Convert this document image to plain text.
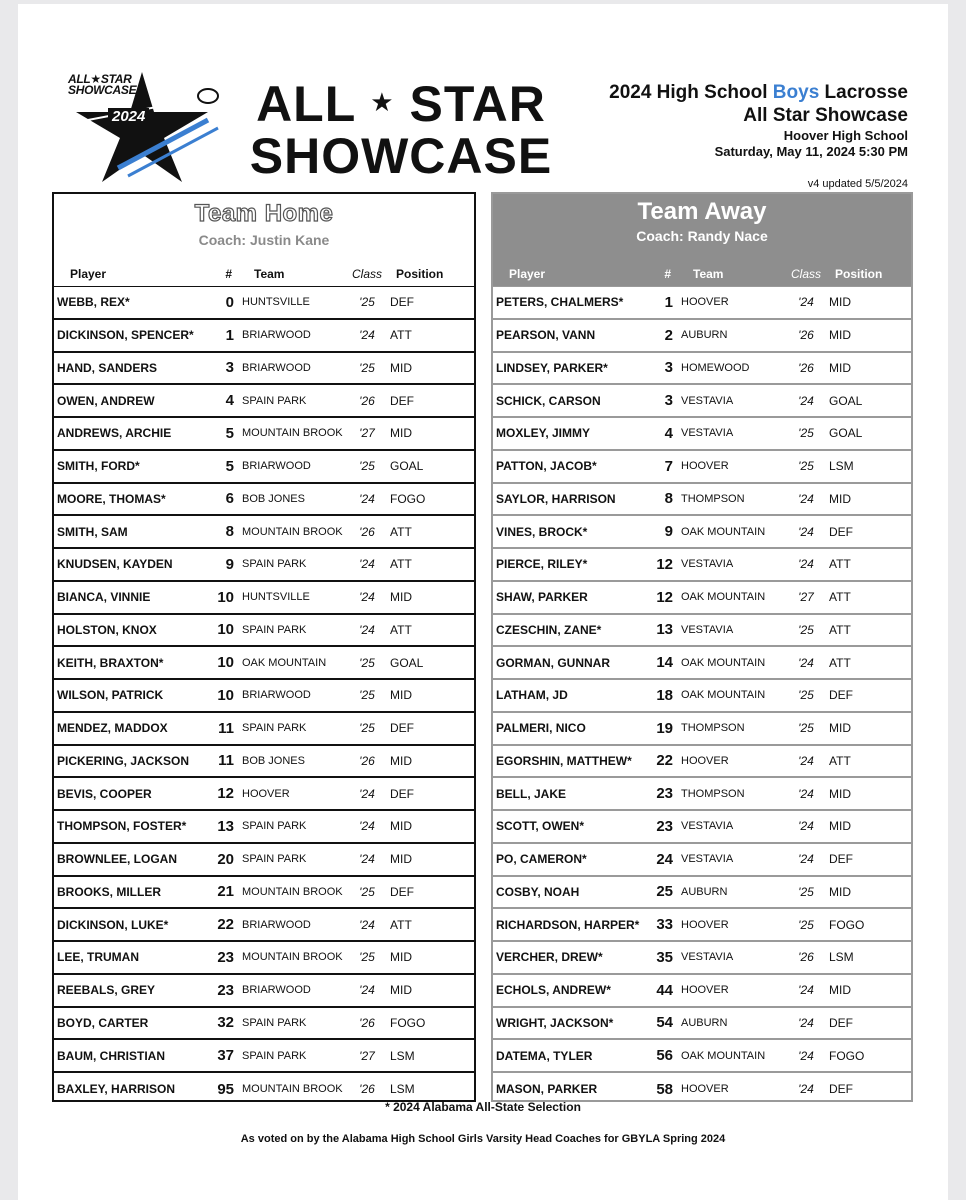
ALL★STAR
SHOWCASE
2024	ALL ★ STAR
SHOWCASE
2024 High School Boys Lacrosse
All Star Showcase
Hoover High School
Saturday, May 11, 2024 5:30 PM
v4 updated 5/5/2024
Team Home
Coach: Justin Kane
Player	#	Team	Class	Position
WEBB, REX*	0 HUNTSVILLE	'25	DEF
DICKINSON, SPENCER*	1 BRIARWOOD	'24	ATT
HAND, SANDERS	3 BRIARWOOD	'25	MID
OWEN, ANDREW	4 SPAIN PARK	'26	DEF
ANDREWS, ARCHIE	5 MOUNTAIN BROOK	'27	MID
SMITH, FORD*	5 BRIARWOOD	'25	GOAL
MOORE, THOMAS*	6 BOB JONES	'24	FOGO
SMITH, SAM	8 MOUNTAIN BROOK	'26	ATT
KNUDSEN, KAYDEN	9 SPAIN PARK	'24	ATT
BIANCA, VINNIE	10 HUNTSVILLE	'24	MID
HOLSTON, KNOX	10 SPAIN PARK	'24	ATT
KEITH, BRAXTON*	10 OAK MOUNTAIN	'25	GOAL
WILSON, PATRICK	10 BRIARWOOD	'25	MID
MENDEZ, MADDOX	11 SPAIN PARK	'25	DEF
PICKERING, JACKSON	11 BOB JONES	'26	MID
BEVIS, COOPER	12 HOOVER	'24	DEF
THOMPSON, FOSTER*	13 SPAIN PARK	'24	MID
BROWNLEE, LOGAN	20 SPAIN PARK	'24	MID
BROOKS, MILLER	21 MOUNTAIN BROOK	'25	DEF
DICKINSON, LUKE*	22 BRIARWOOD	'24	ATT
LEE, TRUMAN	23 MOUNTAIN BROOK	'25	MID
REEBALS, GREY	23 BRIARWOOD	'24	MID
BOYD, CARTER	32 SPAIN PARK	'26	FOGO
BAUM, CHRISTIAN	37 SPAIN PARK	'27	LSM
BAXLEY, HARRISON	95 MOUNTAIN BROOK	'26	LSM
Team Away
Coach: Randy Nace
Player	#	Team	Class	Position
PETERS, CHALMERS*	1 HOOVER	'24	MID
PEARSON, VANN	2 AUBURN	'26	MID
LINDSEY, PARKER*	3 HOMEWOOD	'26	MID
SCHICK, CARSON	3 VESTAVIA	'24	GOAL
MOXLEY, JIMMY	4 VESTAVIA	'25	GOAL
PATTON, JACOB*	7 HOOVER	'25	LSM
SAYLOR, HARRISON	8 THOMPSON	'24	MID
VINES, BROCK*	9 OAK MOUNTAIN	'24	DEF
PIERCE, RILEY*	12 VESTAVIA	'24	ATT
SHAW, PARKER	12 OAK MOUNTAIN	'27	ATT
CZESCHIN, ZANE*	13 VESTAVIA	'25	ATT
GORMAN, GUNNAR	14 OAK MOUNTAIN	'24	ATT
LATHAM, JD	18 OAK MOUNTAIN	'25	DEF
PALMERI, NICO	19 THOMPSON	'25	MID
EGORSHIN, MATTHEW*	22 HOOVER	'24	ATT
BELL, JAKE	23 THOMPSON	'24	MID
SCOTT, OWEN*	23 VESTAVIA	'24	MID
PO, CAMERON*	24 VESTAVIA	'24	DEF
COSBY, NOAH	25 AUBURN	'25	MID
RICHARDSON, HARPER*	33 HOOVER	'25	FOGO
VERCHER, DREW*	35 VESTAVIA	'26	LSM
ECHOLS, ANDREW*	44 HOOVER	'24	MID
WRIGHT, JACKSON*	54 AUBURN	'24	DEF
DATEMA, TYLER	56 OAK MOUNTAIN	'24	FOGO
MASON, PARKER	58 HOOVER	'24	DEF
* 2024 Alabama All-State Selection
As voted on by the Alabama High School Girls Varsity Head Coaches for GBYLA Spring 2024
